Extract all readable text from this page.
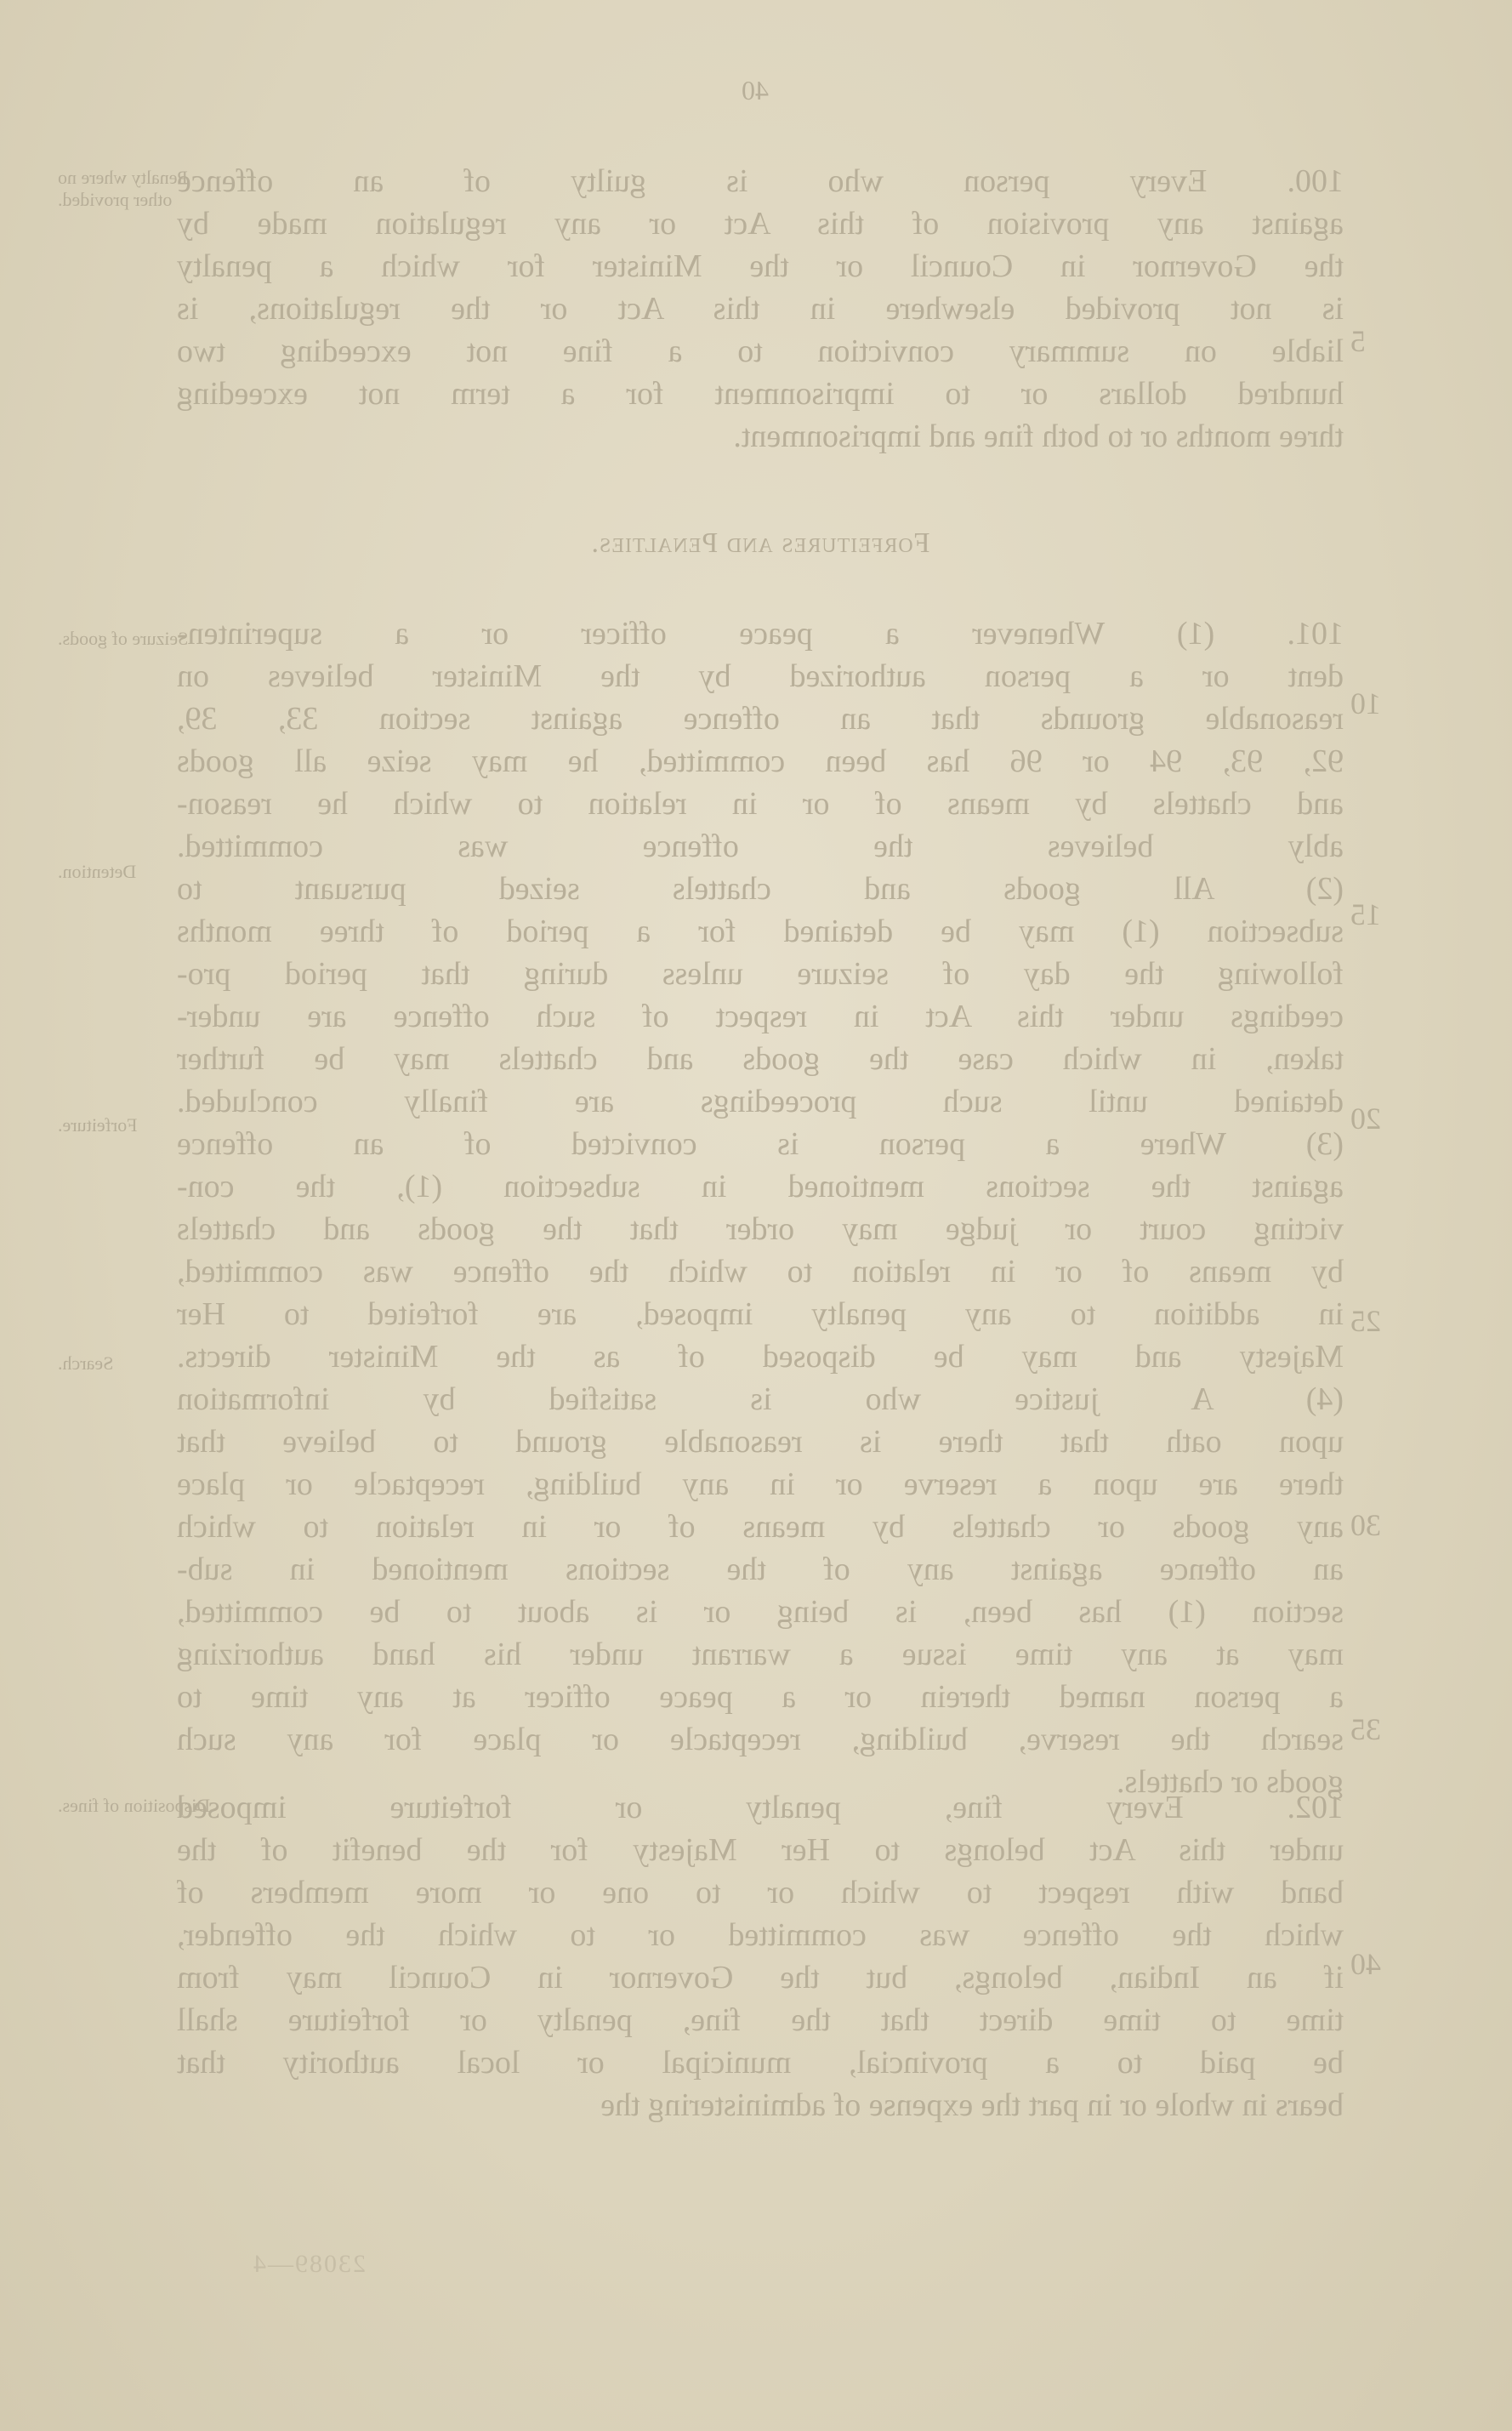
40
100. Every person who is guilty of an offence
against any provision of this Act or any regulation made by
the Governor in Council or the Minister for which a penalty
is not provided elsewhere in this Act or the regulations, is
liable on summary conviction to a fine not exceeding two
hundred dollars or to imprisonment for a term not exceeding
three months or to both fine and imprisonment.
Forfeitures and Penalties.
101. (1) Whenever a peace officer or a superinten-
dent or a person authorized by the Minister believes on
reasonable grounds that an offence against section 33, 39,
92, 93, 94 or 96 has been committed, he may seize all goods
and chattels by means of or in relation to which he reason-
ably believes the offence was committed.
(2) All goods and chattels seized pursuant to
subsection (1) may be detained for a period of three months
following the day of seizure unless during that period pro-
ceedings under this Act in respect of such offence are under-
taken, in which case the goods and chattels may be further
detained until such proceedings are finally concluded.
(3) Where a person is convicted of an offence
against the sections mentioned in subsection (1), the con-
victing court or judge may order that the goods and chattels
by means of or in relation to which the offence was committed,
in addition to any penalty imposed, are forfeited to Her
Majesty and may be disposed of as the Minister directs.
(4) A justice who is satisfied by information
upon oath that there is reasonable ground to believe that
there are upon a reserve or in any building, receptacle or place
any goods or chattels by means of or in relation to which
an offence against any of the sections mentioned in sub-
section (1) has been, is being or is about to be committed,
may at any time issue a warrant under his hand authorizing
a person named therein or a peace officer at any time to
search the reserve, building, receptacle or place for any such
goods or chattels.
102. Every fine, penalty or forfeiture imposed
under this Act belongs to Her Majesty for the benefit of the
band with respect to which or to one or more members of
which the offence was committed or to which the offender,
if an Indian, belongs, but the Governor in Council may from
time to time direct that the fine, penalty or forfeiture shall
be paid to a provincial, municipal or local authority that
bears in whole or in part the expense of administering the
Penalty where no other provided.
Seizure of goods.
Detention.
Forfeiture.
Search.
Disposition of fines.
5
10
15
20
25
30
35
40
23089—4
